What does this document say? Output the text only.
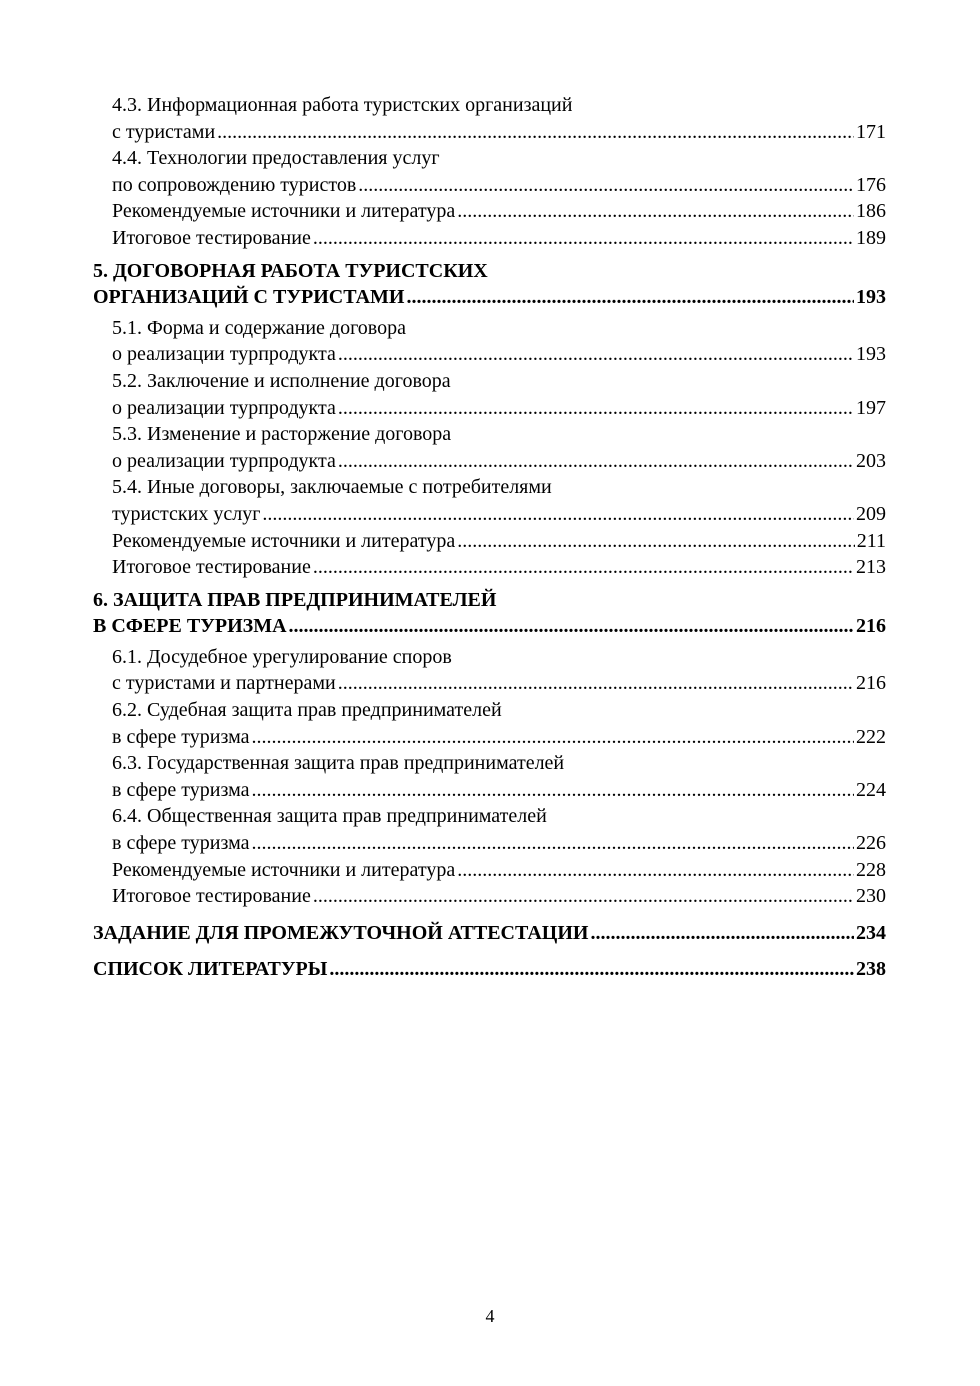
4.3. Информационная работа туристских организаций
с туристами .....	171
4.4. Технологии предоставления услуг
по сопровождению туристов .....	176
Рекомендуемые источники и литература .....	186
Итоговое тестирование .....	189
5. ДОГОВОРНАЯ РАБОТА ТУРИСТСКИХ
ОРГАНИЗАЦИЙ С ТУРИСТАМИ .....	193
5.1. Форма и содержание договора
о реализации турпродукта .....	193
5.2. Заключение и исполнение договора
о реализации турпродукта .....	197
5.3. Изменение и расторжение договора
о реализации турпродукта .....	203
5.4. Иные договоры, заключаемые с потребителями
туристских услуг .....	209
Рекомендуемые источники и литература .....	211
Итоговое тестирование .....	213
6. ЗАЩИТА ПРАВ ПРЕДПРИНИМАТЕЛЕЙ
В СФЕРЕ ТУРИЗМА .....	216
6.1. Досудебное урегулирование споров
с туристами и партнерами .....	216
6.2. Судебная защита прав предпринимателей
в сфере туризма .....	222
6.3. Государственная защита прав предпринимателей
в сфере туризма .....	224
6.4. Общественная защита прав предпринимателей
в сфере туризма .....	226
Рекомендуемые источники и литература .....	228
Итоговое тестирование .....	230
ЗАДАНИЕ ДЛЯ ПРОМЕЖУТОЧНОЙ АТТЕСТАЦИИ .....	234
СПИСОК ЛИТЕРАТУРЫ .....	238
4
